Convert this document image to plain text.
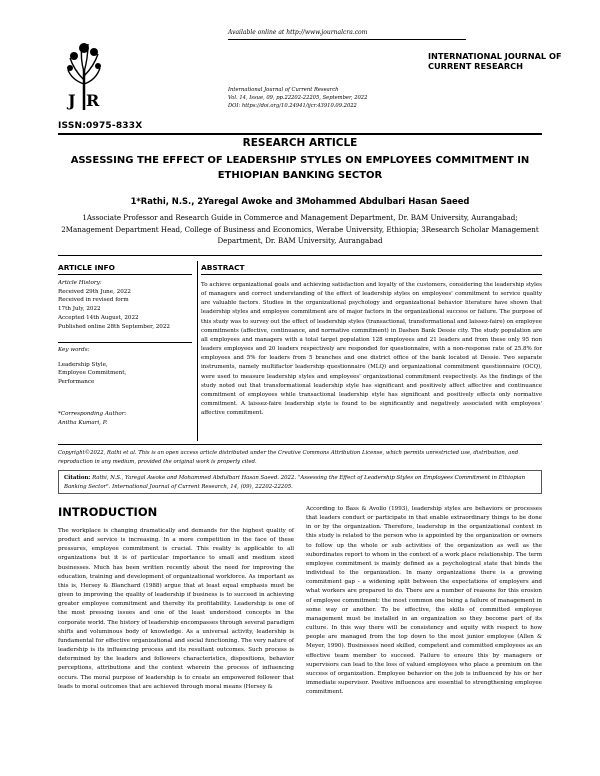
J R
ISSN:0975-833X
Available online at http://www.journalcra.com
INTERNATIONAL JOURNAL OF CURRENT RESEARCH
International Journal of Current Research
Vol. 14, Issue, 09, pp.22202-22205, September, 2022
DOI: https://doi.org/10.24941/ijcr.43910.09.2022
RESEARCH ARTICLE
ASSESSING THE EFFECT OF LEADERSHIP STYLES ON EMPLOYEES COMMITMENT IN ETHIOPIAN BANKING SECTOR
1*Rathi, N.S., 2Yaregal Awoke and 3Mohammed Abdulbari Hasan Saeed
1Associate Professor and Research Guide in Commerce and Management Department, Dr. BAM University, Aurangabad; 2Management Department Head, College of Business and Economics, Werabe University, Ethiopia; 3Research Scholar Management Department, Dr. BAM University, Aurangabad
ARTICLE INFO
Article History:
Received 29th June, 2022
Received in revised form
17th July, 2022
Accepted 14th August, 2022
Published online 28th September, 2022
Key words:
Leadership Style,
Employee Commitment,
Performance
*Corresponding Author:
Anitha Kumari, P.
ABSTRACT
To achieve organizational goals and achieving satisfaction and loyalty of the customers, considering the leadership styles of managers and correct understanding of the effect of leadership styles on employees' commitment to service quality are valuable factors. Studies in the organizational psychology and organizational behavior literature have shown that leadership styles and employee commitment are of major factors in the organizational success or failure. The purpose of this study was to survey out the effect of leadership styles (transactional, transformational and laissez-faire) on employee commitments (affective, continuance, and normative commitment) in Dashen Bank Dessie city. The study population are all employees and managers with a total target population 128 employees and 21 leaders and from these only 95 non leaders employees and 20 leaders respectively are responded for questionnaire, with a non-response rate of 25.8% for employees and 5% for leaders from 5 branches and one district office of the bank located at Dessie. Two separate instruments, namely multifactor leadership questionnaire (MLQ) and organizational commitment questionnaire (OCQ), were used to measure leadership styles and employees' organizational commitment respectively. As the findings of the study noted out that transformational leadership style has significant and positively affect affective and continuance commitment of employees while transactional leadership style has significant and positively effects only normative commitment. A laissez-faire leadership style is found to be significantly and negatively associated with employees' affective commitment.
Copyright©2022, Rathi et al. This is an open access article distributed under the Creative Commons Attribution License, which permits unrestricted use, distribution, and reproduction in any medium, provided the original work is properly cited.
Citation: Rathi, N.S., Yaregal Awoke and Mohammed Abdulbari Hasan Saeed. 2022. "Assessing the Effect of Leadership Styles on Employees Commitment in Ethiopian Banking Sector". International Journal of Current Research, 14, (09), 22202-22205.
INTRODUCTION
The workplace is changing dramatically and demands for the highest quality of product and service is increasing. In a more competition in the face of these pressures, employee commitment is crucial. This reality is applicable to all organizations but it is of particular importance to small and medium sized businesses. Much has been written recently about the need for improving the education, training and development of organizational workforce. As important as this is, Hersey & Blanchard (1988) argue that at least equal emphasis must be given to improving the quality of leadership if business is to succeed in achieving greater employee commitment and thereby its profitability. Leadership is one of the most pressing issues and one of the least understood concepts in the corporate world. The history of leadership encompasses through several paradigm shifts and voluminous body of knowledge. As a universal activity, leadership is fundamental for effective organizational and social functioning. The very nature of leadership is its influencing process and its resultant outcomes. Such process is determined by the leaders and followers characteristics, dispositions, behavior perceptions, attributions and the context wherein the process of influencing occurs. The moral purpose of leadership is to create an empowered follower that leads to moral outcomes that are achieved through moral means (Hersey &
According to Bass & Avolio (1993), leadership styles are behaviors or processes that leaders conduct or participate in that enable extraordinary things to be done in or by the organization. Therefore, leadership in the organizational context in this study is related to the person who is appointed by the organization or owners to follow up the whole or sub activities of the organization as well as the subordinates report to whom in the context of a work place relationship. The term employee commitment is mainly defined as a psychological state that binds the individual to the organization. In many organizations there is a growing commitment gap - a widening split between the expectations of employers and what workers are prepared to do. There are a number of reasons for this erosion of employee commitment: the most common one being a failure of management in some way or another. To be effective, the skills of committed employee management must be installed in an organization so they become part of its culture. In this way there will be consistency and equity with respect to how people are managed from the top down to the most junior employee (Allen & Meyer, 1990). Businesses need skilled, competent and committed employees as an effective team member to succeed. Failure to ensure this by managers or supervisors can lead to the loss of valued employees who place a premium on the success of organization. Employee behavior on the job is influenced by his or her immediate supervisor. Positive influences are essential to strengthening employee commitment.
